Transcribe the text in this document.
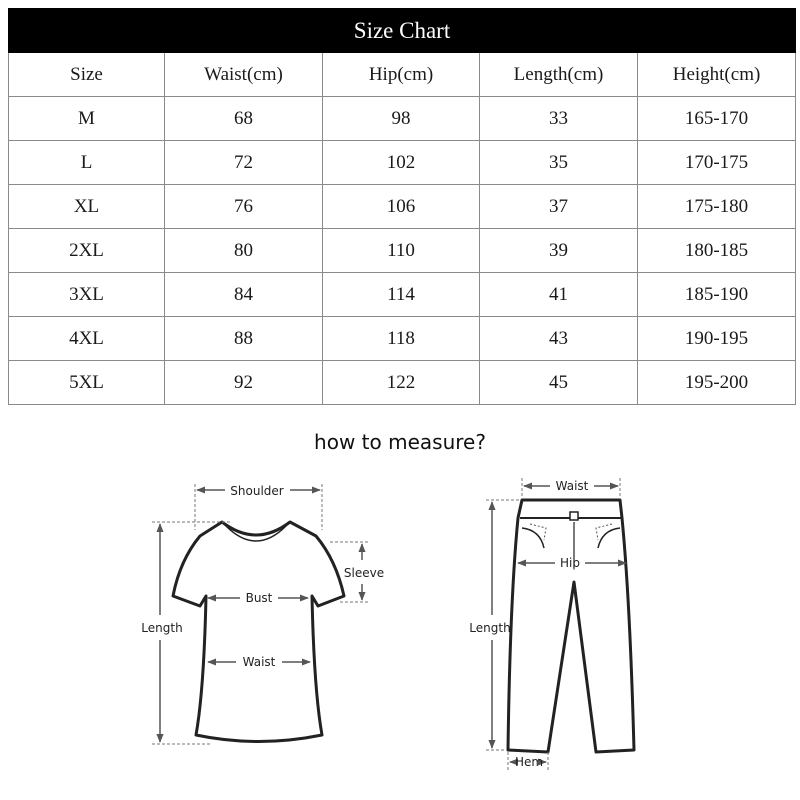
Size Chart				
Size	Waist(cm)	Hip(cm)	Length(cm)	Height(cm)
M	68	98	33	165-170
L	72	102	35	170-175
XL	76	106	37	175-180
2XL	80	110	39	180-185
3XL	84	114	41	185-190
4XL	88	118	43	190-195
5XL	92	122	45	195-200
how to measure?
Shoulder
Sleeve
Bust
Waist
Length
Waist
Hip
Length
Hem
